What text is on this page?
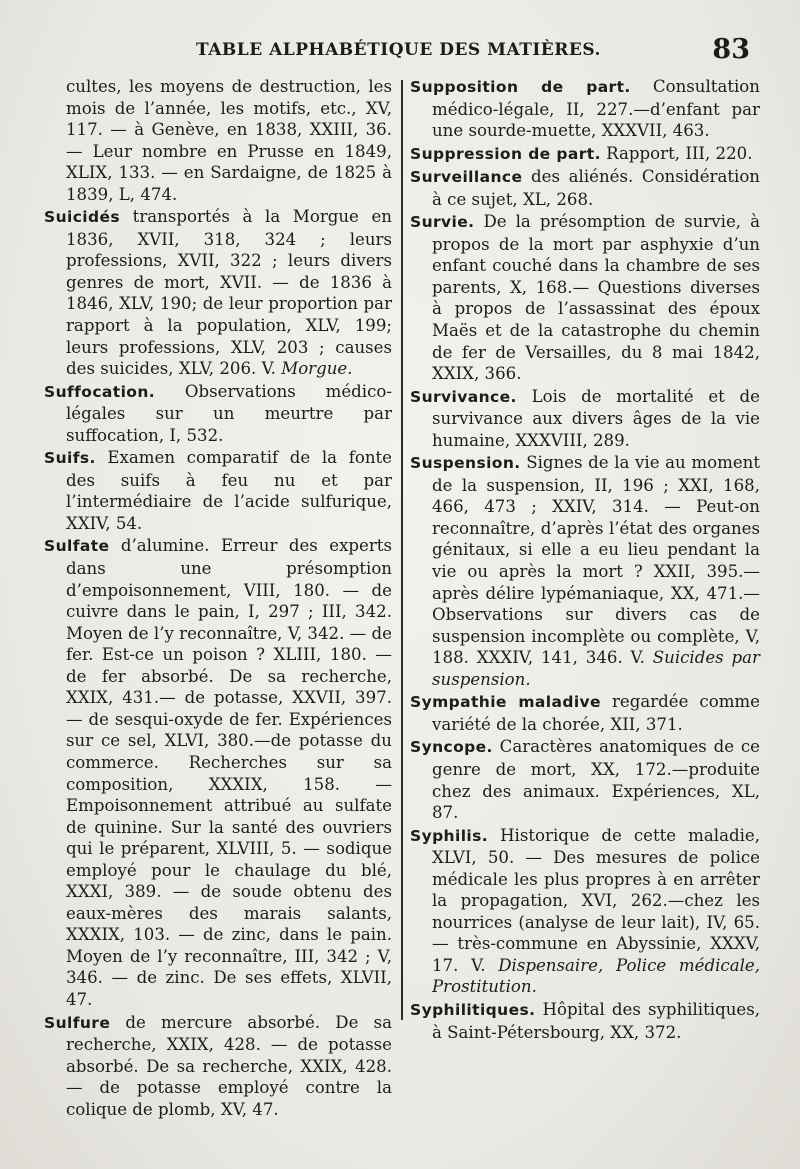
TABLE ALPHABÉTIQUE DES MATIÈRES.	83

cultes, les moyens de destruction, les mois de l’année, les motifs, etc., XV, 117. — à Genève, en 1838, XXIII, 36. — Leur nombre en Prusse en 1849, XLIX, 133. — en Sardaigne, de 1825 à 1839, L, 474.

Suicidés transportés à la Morgue en 1836, XVII, 318, 324 ; leurs professions, XVII, 322 ; leurs divers genres de mort, XVII. — de 1836 à 1846, XLV, 190; de leur proportion par rapport à la population, XLV, 199; leurs professions, XLV, 203 ; causes des suicides, XLV, 206. V. Morgue.

Suffocation. Observations médico-légales sur un meurtre par suffocation, I, 532.

Suifs. Examen comparatif de la fonte des suifs à feu nu et par l’intermédiaire de l’acide sulfurique, XXIV, 54.

Sulfate d’alumine. Erreur des experts dans une présomption d’empoisonnement, VIII, 180. — de cuivre dans le pain, I, 297 ; III, 342. Moyen de l’y reconnaître, V, 342. — de fer. Est-ce un poison ? XLIII, 180. — de fer absorbé. De sa recherche, XXIX, 431.— de potasse, XXVII, 397. — de sesqui-oxyde de fer. Expériences sur ce sel, XLVI, 380.—de potasse du commerce. Recherches sur sa composition, XXXIX, 158. — Empoisonnement attribué au sulfate de quinine. Sur la santé des ouvriers qui le préparent, XLVIII, 5. — sodique employé pour le chaulage du blé, XXXI, 389. — de soude obtenu des eaux-mères des marais salants, XXXIX, 103. — de zinc, dans le pain. Moyen de l’y reconnaître, III, 342 ; V, 346. — de zinc. De ses effets, XLVII, 47.

Sulfure de mercure absorbé. De sa recherche, XXIX, 428. — de potasse absorbé. De sa recherche, XXIX, 428.— de potasse employé contre la colique de plomb, XV, 47.

Supposition de part. Consultation médico-légale, II, 227.—d’enfant par une sourde-muette, XXXVII, 463.

Suppression de part. Rapport, III, 220.

Surveillance des aliénés. Considération à ce sujet, XL, 268.

Survie. De la présomption de survie, à propos de la mort par asphyxie d’un enfant couché dans la chambre de ses parents, X, 168.— Questions diverses à propos de l’assassinat des époux Maës et de la catastrophe du chemin de fer de Versailles, du 8 mai 1842, XXIX, 366.

Survivance. Lois de mortalité et de survivance aux divers âges de la vie humaine, XXXVIII, 289.

Suspension. Signes de la vie au moment de la suspension, II, 196 ; XXI, 168, 466, 473 ; XXIV, 314. — Peut-on reconnaître, d’après l’état des organes génitaux, si elle a eu lieu pendant la vie ou après la mort ? XXII, 395.— après délire lypémaniaque, XX, 471.— Observations sur divers cas de suspension incomplète ou complète, V, 188. XXXIV, 141, 346. V. Suicides par suspension.

Sympathie maladive regardée comme variété de la chorée, XII, 371.

Syncope. Caractères anatomiques de ce genre de mort, XX, 172.—produite chez des animaux. Expériences, XL, 87.

Syphilis. Historique de cette maladie, XLVI, 50. — Des mesures de police médicale les plus propres à en arrêter la propagation, XVI, 262.—chez les nourrices (analyse de leur lait), IV, 65. — très-commune en Abyssinie, XXXV, 17. V. Dispensaire, Police médicale, Prostitution.

Syphilitiques. Hôpital des syphilitiques, à Saint-Pétersbourg, XX, 372.
